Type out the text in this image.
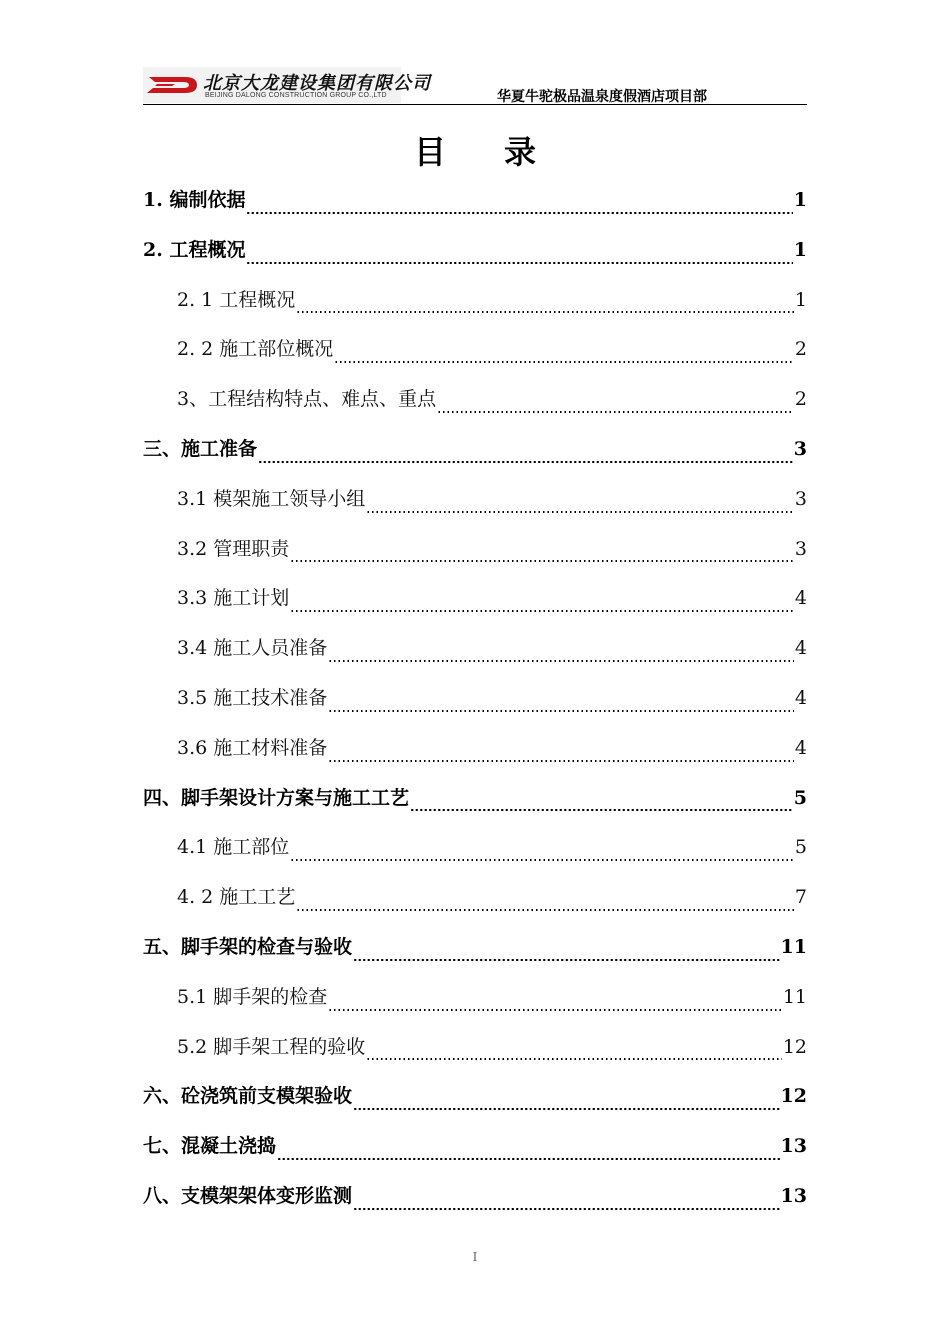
北京大龙建设集团有限公司
BEIJING DALONG CONSTRUCTION GROUP CO.,LTD	华夏牛驼极品温泉度假酒店项目部
目录
1. 编制依据	1
2. 工程概况	1
2. 1 工程概况	1
2. 2 施工部位概况	2
3、工程结构特点、难点、重点	2
三、施工准备	3
3.1 模架施工领导小组	3
3.2 管理职责	3
3.3 施工计划	4
3.4 施工人员准备	4
3.5 施工技术准备	4
3.6 施工材料准备	4
四、脚手架设计方案与施工工艺	5
4.1 施工部位	5
4. 2 施工工艺	7
五、脚手架的检查与验收	11
5.1 脚手架的检查	11
5.2 脚手架工程的验收	12
六、砼浇筑前支模架验收	12
七、混凝土浇捣	13
八、支模架架体变形监测	13
I
